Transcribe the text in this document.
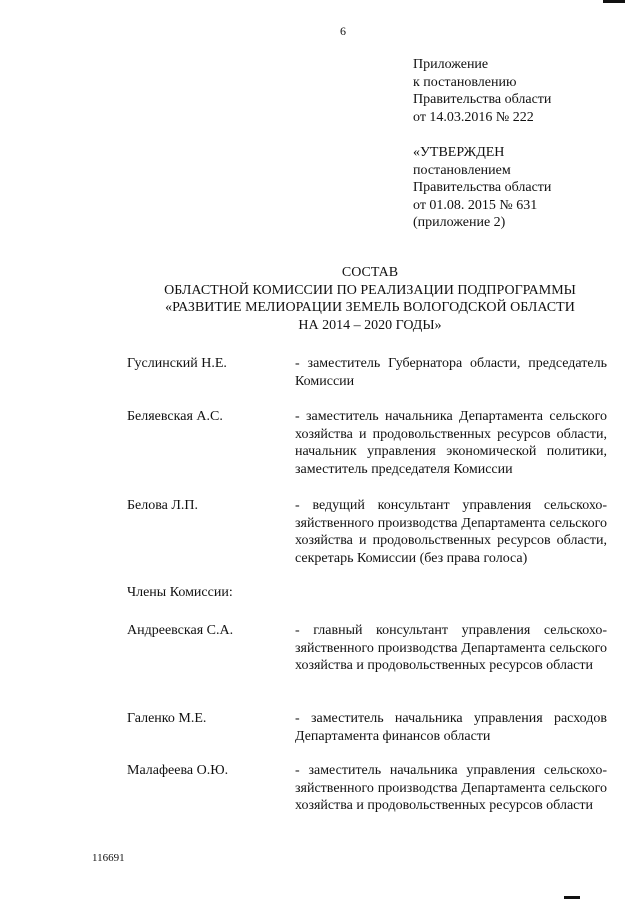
6
Приложение
к постановлению
Правительства области
от 14.03.2016 № 222
«УТВЕРЖДЕН
постановлением
Правительства области
от 01.08. 2015 № 631
(приложение 2)
СОСТАВ
ОБЛАСТНОЙ КОМИССИИ ПО РЕАЛИЗАЦИИ ПОДПРОГРАММЫ
«РАЗВИТИЕ МЕЛИОРАЦИИ ЗЕМЕЛЬ ВОЛОГОДСКОЙ ОБЛАСТИ
НА 2014 – 2020 ГОДЫ»
Гуслинский Н.Е.	- заместитель Губернатора области, председатель Комиссии
Беляевская А.С.	- заместитель начальника Департамента сельского хозяйства и продовольственных ресурсов области, начальник управления экономической политики, заместитель председателя Комиссии
Белова Л.П.	- ведущий консультант управления сельскохозяйственного производства Департамента сельского хозяйства и продовольственных ресурсов области, секретарь Комиссии (без права голоса)
Члены Комиссии:
Андреевская С.А.	- главный консультант управления сельскохозяйственного производства Департамента сельского хозяйства и продовольственных ресурсов области
Галенко М.Е.	- заместитель начальника управления расходов Департамента финансов области
Малафеева О.Ю.	- заместитель начальника управления сельскохозяйственного производства Департамента сельского хозяйства и продовольственных ресурсов области
116691
